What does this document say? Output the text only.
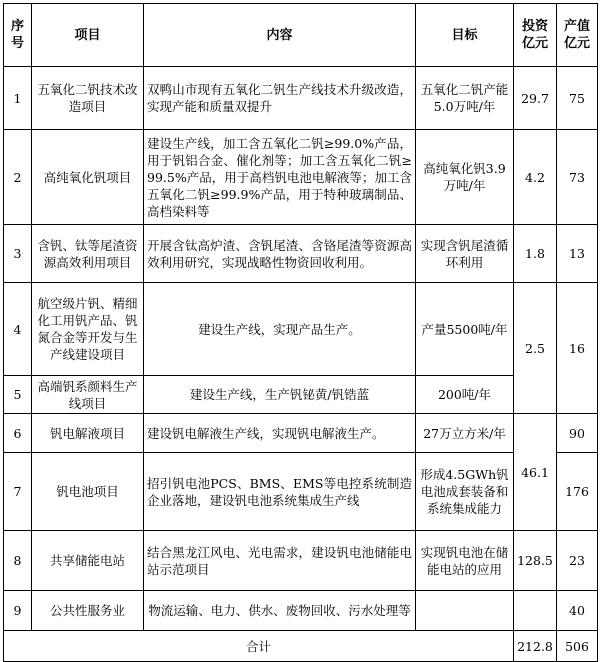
序号	项目	内容	目标	投资亿元	产值亿元
1	五氧化二钒技术改造项目	双鸭山市现有五氧化二钒生产线技术升级改造，实现产能和质量双提升	五氧化二钒产能5.0万吨/年	29.7	75
2	高纯氧化钒项目	建设生产线，加工含五氧化二钒≥99.0%产品，用于钒铝合金、催化剂等；加工含五氧化二钒≥99.5%产品，用于高档钒电池电解液等；加工含五氧化二钒≥99.9%产品，用于特种玻璃制品、高档染料等	高纯氧化钒3.9万吨/年	4.2	73
3	含钒、钛等尾渣资源高效利用项目	开展含钛高炉渣、含钒尾渣、含铬尾渣等资源高效利用研究，实现战略性物资回收利用。	实现含钒尾渣循环利用	1.8	13
4	航空级片钒、精细化工用钒产品、钒氮合金等开发与生产线建设项目	建设生产线，实现产品生产。	产量5500吨/年	2.5	16
5	高端钒系颜料生产线项目	建设生产线，生产钒铋黄/钒锆蓝	200吨/年		
6	钒电解液项目	建设钒电解液生产线，实现钒电解液生产。	27万立方米/年	46.1	90
7	钒电池项目	招引钒电池PCS、BMS、EMS等电控系统制造企业落地，建设钒电池系统集成生产线	形成4.5GWh钒电池成套装备和系统集成能力		176
8	共享储能电站	结合黑龙江风电、光电需求，建设钒电池储能电站示范项目	实现钒电池在储能电站的应用	128.5	23
9	公共性服务业	物流运输、电力、供水、废物回收、污水处理等			40
合计				212.8	506
